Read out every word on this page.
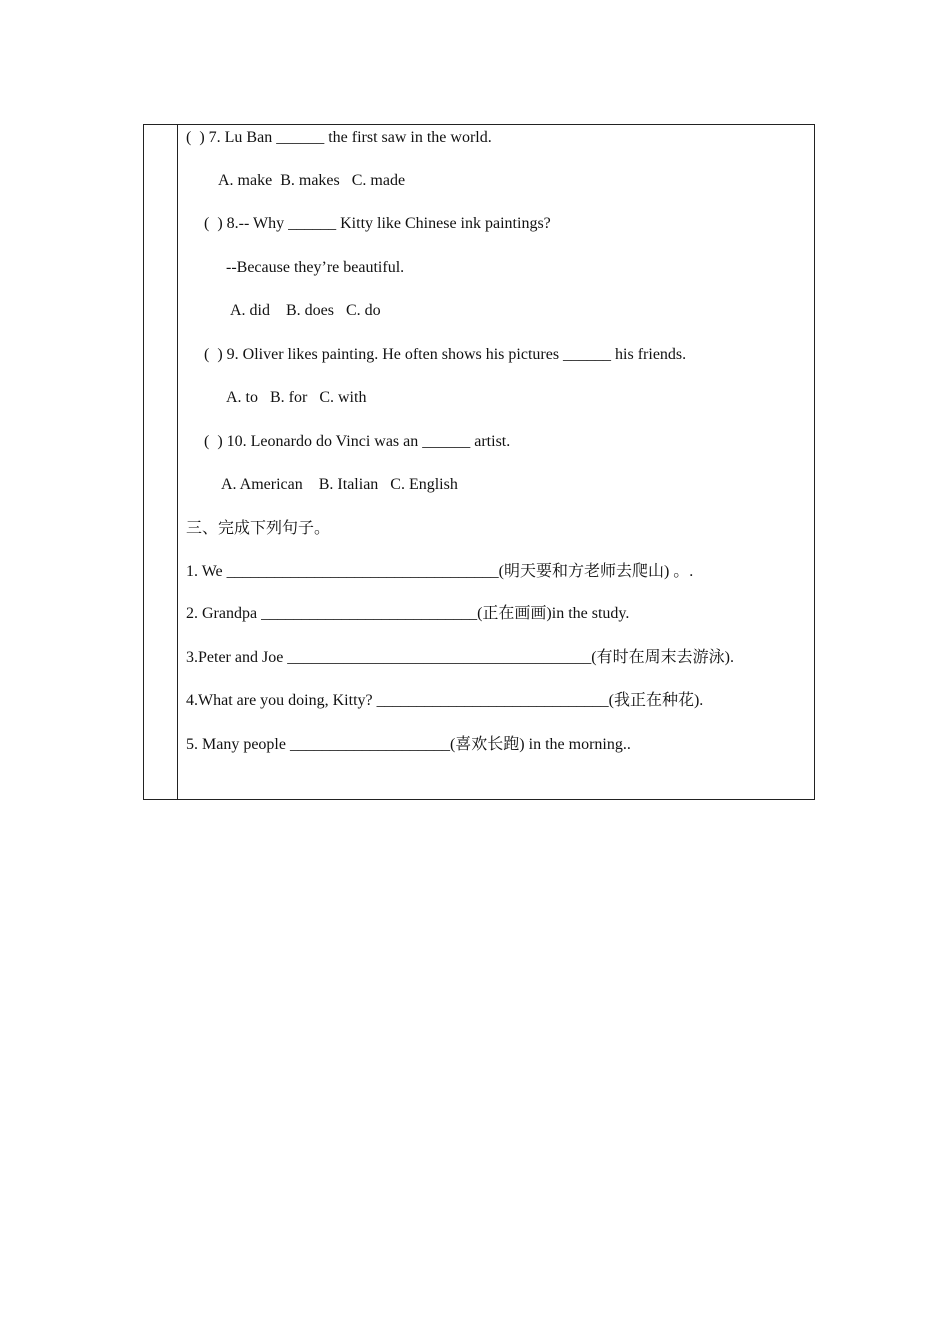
(  ) 7. Lu Ban ______ the first saw in the world.
A. make  B. makes   C. made
(  ) 8.-- Why ______ Kitty like Chinese ink paintings?
--Because they’re beautiful.
A. did    B. does   C. do
(  ) 9. Oliver likes painting. He often shows his pictures ______ his friends.
A. to   B. for   C. with
(  ) 10. Leonardo do Vinci was an ______ artist.
A. American    B. Italian   C. English
三、完成下列句子。
1. We __________________________________(明天要和方老师去爬山) 。.
2. Grandpa ___________________________(正在画画)in the study.
3.Peter and Joe ______________________________________(有时在周末去游泳).
4.What are you doing, Kitty? _____________________________(我正在种花).
5. Many people ____________________(喜欢长跑) in the morning..
